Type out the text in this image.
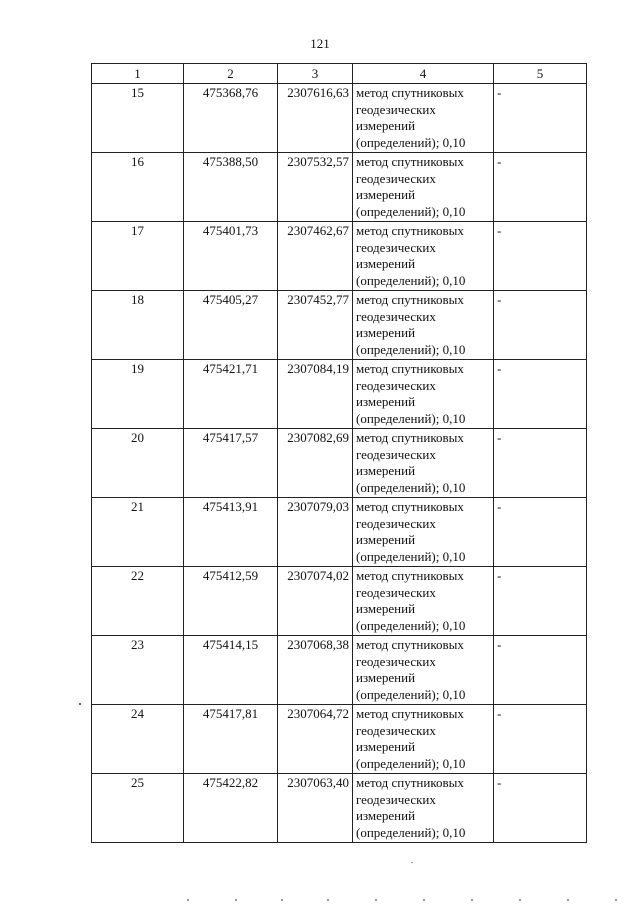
121
1	2	3	4	5
15	475368,76	2307616,63	метод спутниковых
геодезических
измерений
(определений); 0,10	-
16	475388,50	2307532,57	метод спутниковых
геодезических
измерений
(определений); 0,10	-
17	475401,73	2307462,67	метод спутниковых
геодезических
измерений
(определений); 0,10	-
18	475405,27	2307452,77	метод спутниковых
геодезических
измерений
(определений); 0,10	-
19	475421,71	2307084,19	метод спутниковых
геодезических
измерений
(определений); 0,10	-
20	475417,57	2307082,69	метод спутниковых
геодезических
измерений
(определений); 0,10	-
21	475413,91	2307079,03	метод спутниковых
геодезических
измерений
(определений); 0,10	-
22	475412,59	2307074,02	метод спутниковых
геодезических
измерений
(определений); 0,10	-
23	475414,15	2307068,38	метод спутниковых
геодезических
измерений
(определений); 0,10	-
24	475417,81	2307064,72	метод спутниковых
геодезических
измерений
(определений); 0,10	-
25	475422,82	2307063,40	метод спутниковых
геодезических
измерений
(определений); 0,10	-
